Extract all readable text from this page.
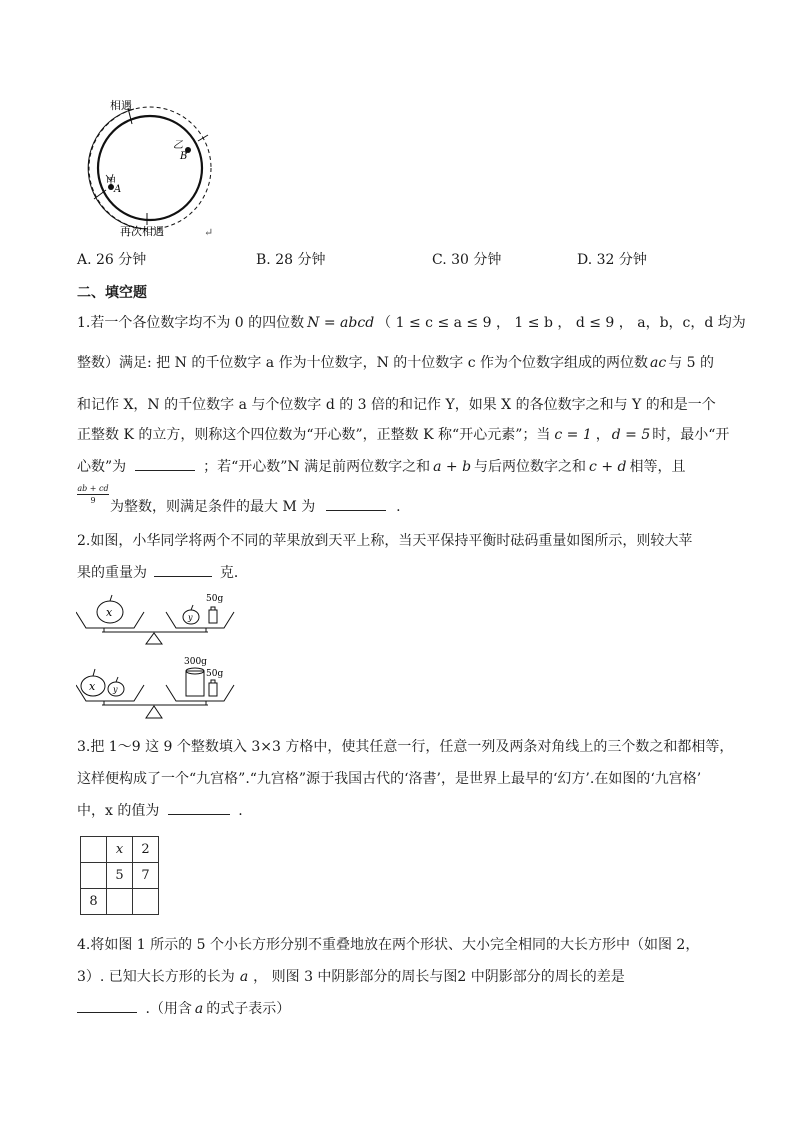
相遇
乙
B
甲
A
再次相遇	↵
A. 26 分钟	B. 28 分钟	C. 30 分钟	D. 32 分钟
二、填空题
1.若一个各位数字均不为 0 的四位数 N = abcd （ 1 ≤ c ≤ a ≤ 9 ， 1 ≤ b ， d ≤ 9 ， a，b，c，d 均为
整数）满足: 把 N 的千位数字 a 作为十位数字，N 的十位数字 c 作为个位数字组成的两位数 ac 与 5 的
和记作 X，N 的千位数字 a 与个位数字 d 的 3 倍的和记作 Y，如果 X 的各位数字之和与 Y 的和是一个
正整数 K 的立方，则称这个四位数为“开心数”，正整数 K 称“开心元素”；当 c = 1 ， d = 5 时，最小“开
心数”为	；若“开心数”N 满足前两位数字之和 a + b 与后两位数字之和 c + d 相等，且
$\frac{ab + cd}{9}$
为整数，则满足条件的最大 M 为	.
2.如图，小华同学将两个不同的苹果放到天平上称，当天平保持平衡时砝码重量如图所示，则较大苹
果的重量为	克．
x	y
50g
x y
300g
50g
3.把 1～9 这 9 个整数填入 3×3 方格中，使其任意一行，任意一列及两条对角线上的三个数之和都相等，
这样便构成了一个“九宫格”.“九宫格”源于我国古代的‘洛書’，是世界上最早的‘幻方’.在如图的‘九宫格’
中，x 的值为	.
	x	2
	5	7
8		
4.将如图 1 所示的 5 个小长方形分别不重叠地放在两个形状、大小完全相同的大长方形中（如图 2，
3）. 已知大长方形的长为 a ， 则图 3 中阴影部分的周长与图2 中阴影部分的周长的差是
.（用含 a 的式子表示）
